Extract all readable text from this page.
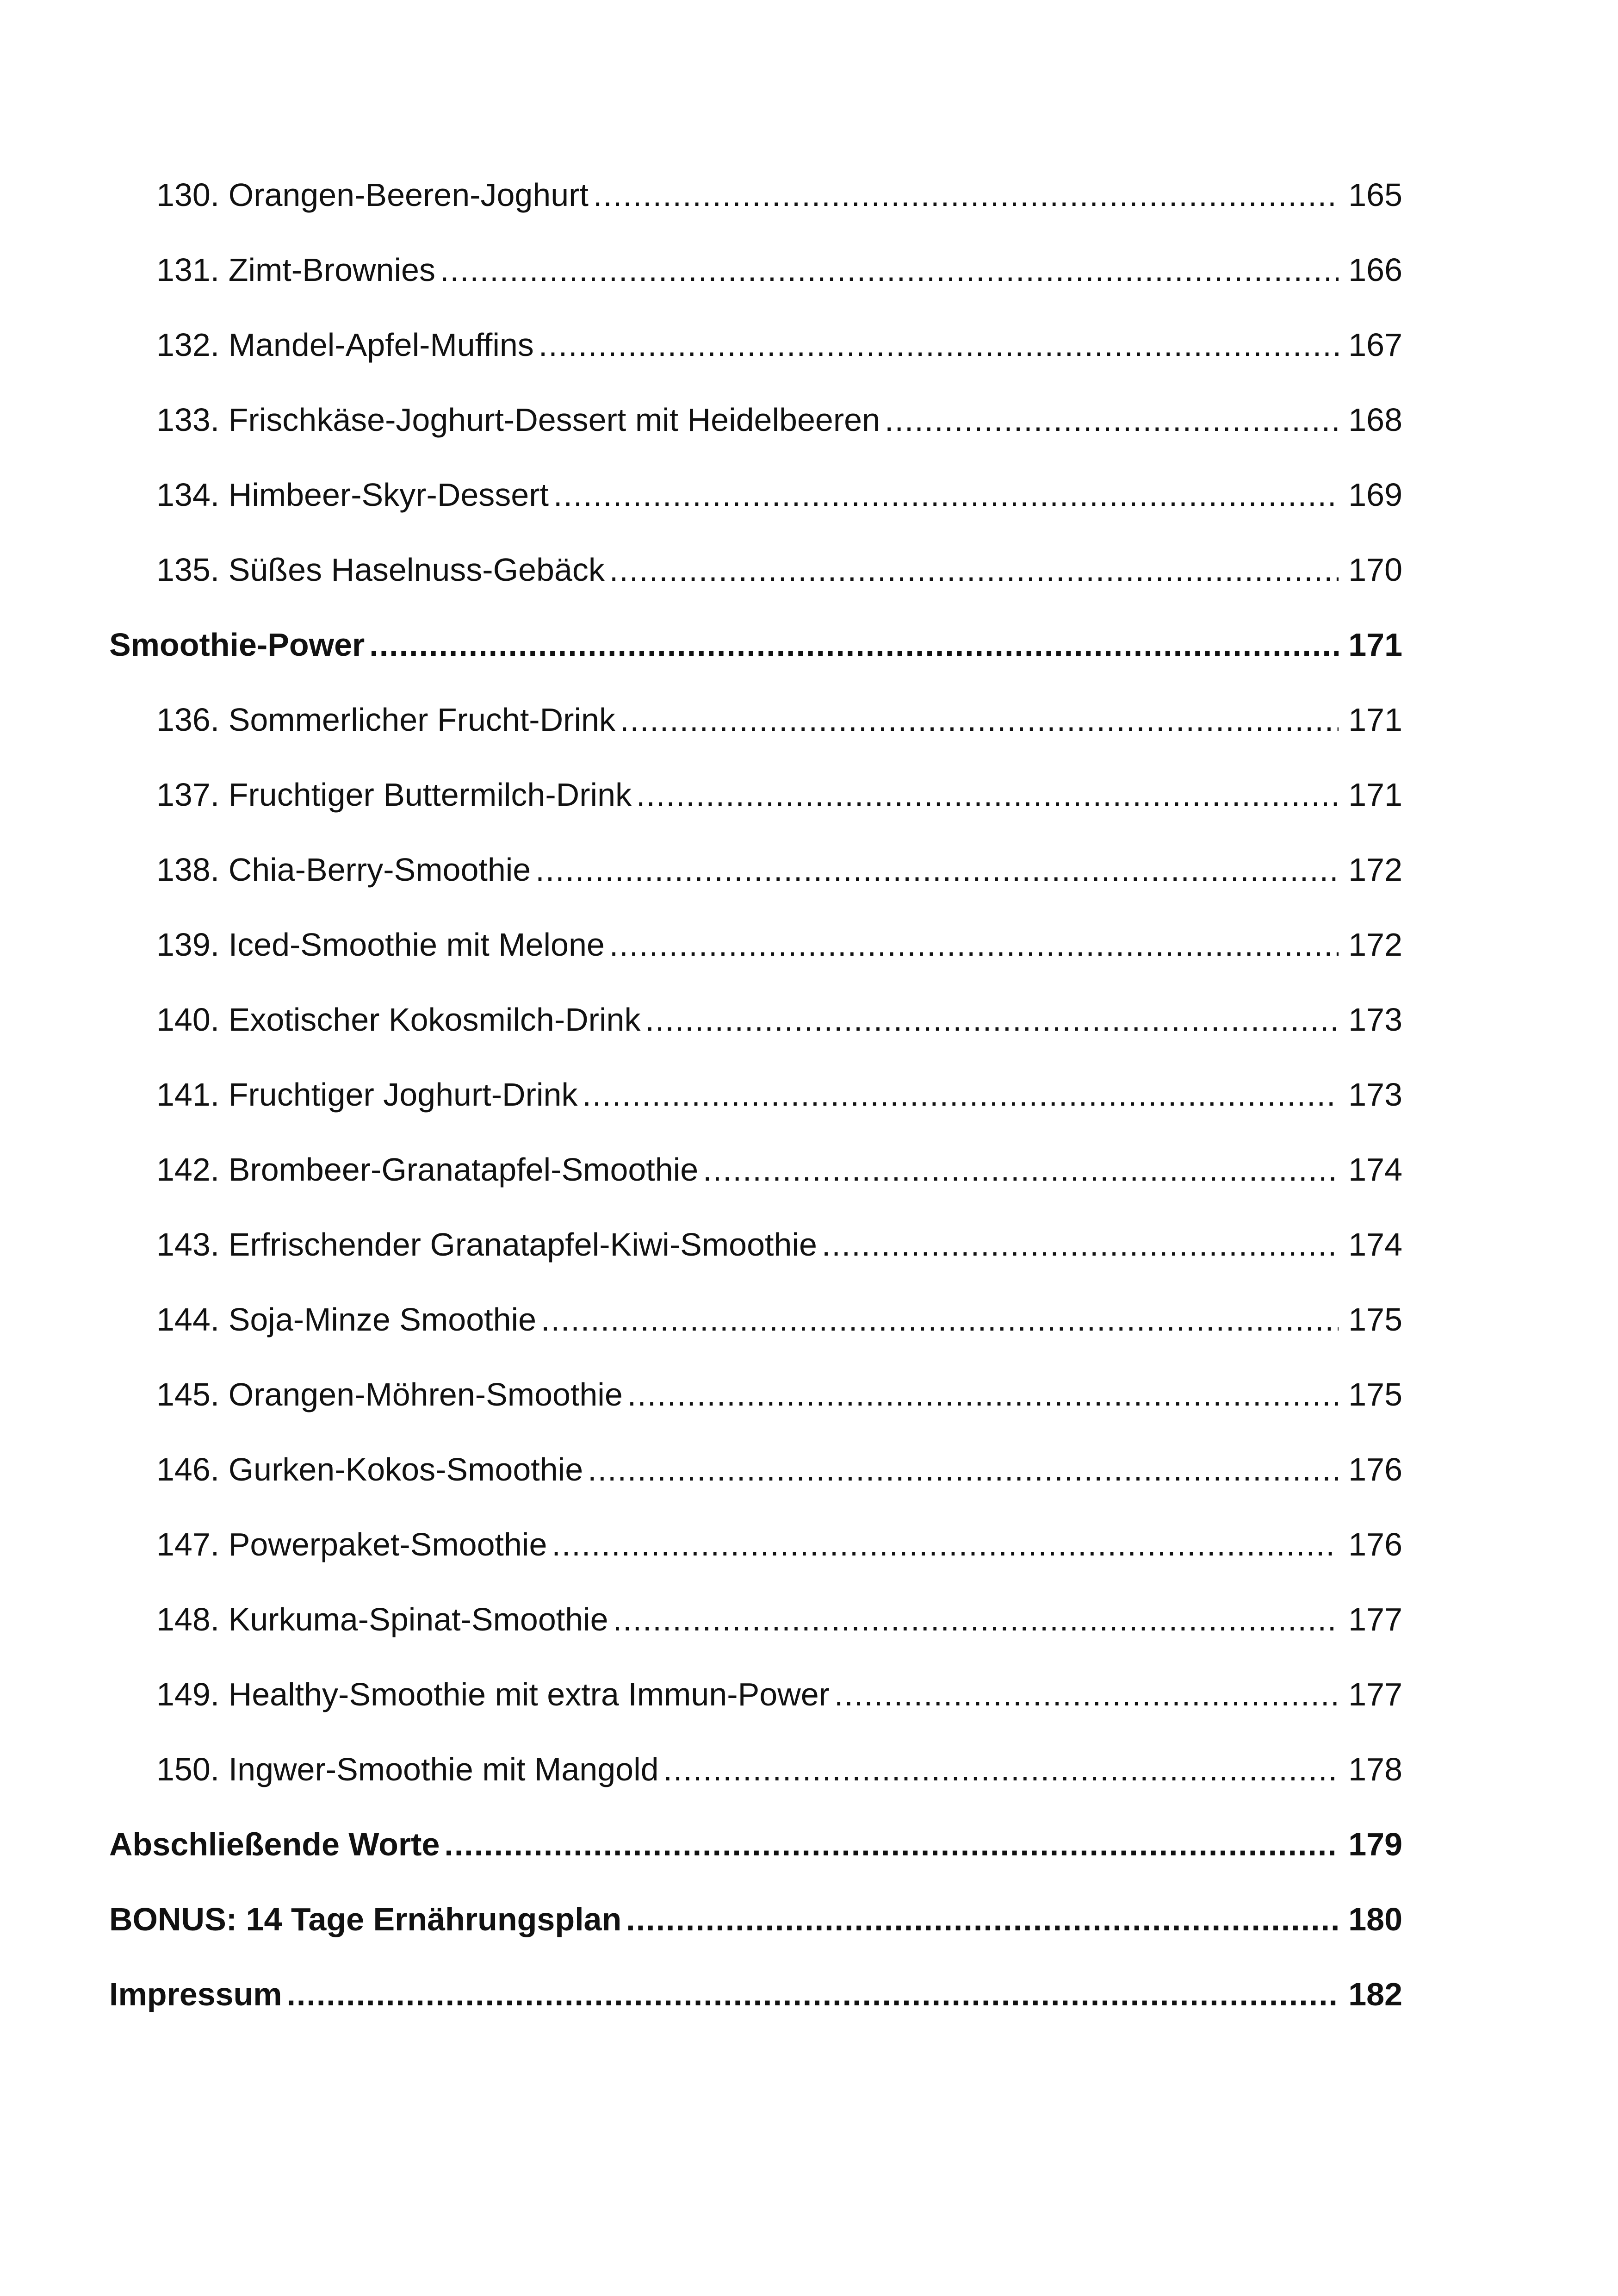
130. Orangen-Beeren-Joghurt .....	165
131. Zimt-Brownies .....	166
132. Mandel-Apfel-Muffins .....	167
133. Frischkäse-Joghurt-Dessert mit Heidelbeeren .....	168
134. Himbeer-Skyr-Dessert .....	169
135. Süßes Haselnuss-Gebäck .....	170
Smoothie-Power .....	171
136. Sommerlicher Frucht-Drink .....	171
137. Fruchtiger Buttermilch-Drink .....	171
138. Chia-Berry-Smoothie .....	172
139. Iced-Smoothie mit Melone .....	172
140. Exotischer Kokosmilch-Drink .....	173
141. Fruchtiger Joghurt-Drink .....	173
142. Brombeer-Granatapfel-Smoothie .....	174
143. Erfrischender Granatapfel-Kiwi-Smoothie .....	174
144. Soja-Minze Smoothie .....	175
145. Orangen-Möhren-Smoothie .....	175
146. Gurken-Kokos-Smoothie .....	176
147. Powerpaket-Smoothie .....	176
148. Kurkuma-Spinat-Smoothie .....	177
149. Healthy-Smoothie mit extra Immun-Power .....	177
150. Ingwer-Smoothie mit Mangold .....	178
Abschließende Worte .....	179
BONUS: 14 Tage Ernährungsplan .....	180
Impressum .....	182
